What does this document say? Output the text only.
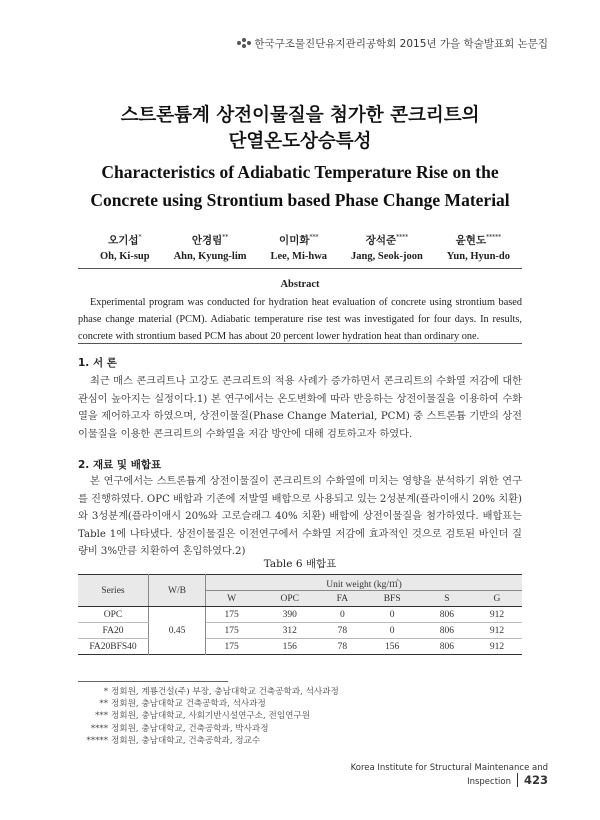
한국구조물진단유지관리공학회 2015년 가을 학술발표회 논문집
스트론튬계 상전이물질을 첨가한 콘크리트의
단열온도상승특성
Characteristics of Adiabatic Temperature Rise on the
Concrete using Strontium based Phase Change Material
오기섭*
Oh, Ki-sup
안경림**
Ahn, Kyung-lim
이미화***
Lee, Mi-hwa
장석준****
Jang, Seok-joon
윤현도*****
Yun, Hyun-do
Abstract
Experimental program was conducted for hydration heat evaluation of concrete using strontium based phase change material (PCM). Adiabatic temperature rise test was investigated for four days. In results, concrete with strontium based PCM has about 20 percent lower hydration heat than ordinary one.
1. 서 론
최근 매스 콘크리트나 고강도 콘크리트의 적용 사례가 증가하면서 콘크리트의 수화열 저감에 대한 관심이 높아지는 실정이다.1) 본 연구에서는 온도변화에 따라 반응하는 상전이물질을 이용하여 수화열을 제어하고자 하였으며, 상전이물질(Phase Change Material, PCM) 중 스트론튬 기반의 상전이물질을 이용한 콘크리트의 수화열을 저감 방안에 대해 검토하고자 하였다.
2. 재료 및 배합표
본 연구에서는 스트론튬계 상전이물질이 콘크리트의 수화열에 미치는 영향을 분석하기 위한 연구를 진행하였다. OPC 배합과 기존에 저발열 배합으로 사용되고 있는 2성분계(플라이애시 20% 치환)와 3성분계(플라이애시 20%와 고로슬래그 40% 치환) 배합에 상전이물질을 첨가하였다. 배합표는 Table 1에 나타냈다. 상전이물질은 이전연구에서 수화열 저감에 효과적인 것으로 검토된 바인더 질량비 3%만큼 치환하여 혼입하였다.2)
Table 6 배합표
Series	W/B	Unit weight (kg/㎥)					
		W	OPC	FA	BFS	S	G
OPC	0.45	175	390	0	0	806	912
FA20		175	312	78	0	806	912
FA20BFS40		175	156	78	156	806	912
* 정회원, 계룡건설(주) 부장, 충남대학교 건축공학과, 석사과정
** 정회원, 충남대학교 건축공학과, 석사과정
*** 정회원, 충남대학교, 사회기반시설연구소, 전임연구원
**** 정회원, 충남대학교, 건축공학과, 박사과정
***** 정회원, 충남대학교, 건축공학과, 정교수
Korea Institute for Structural Maintenance and Inspection 423
